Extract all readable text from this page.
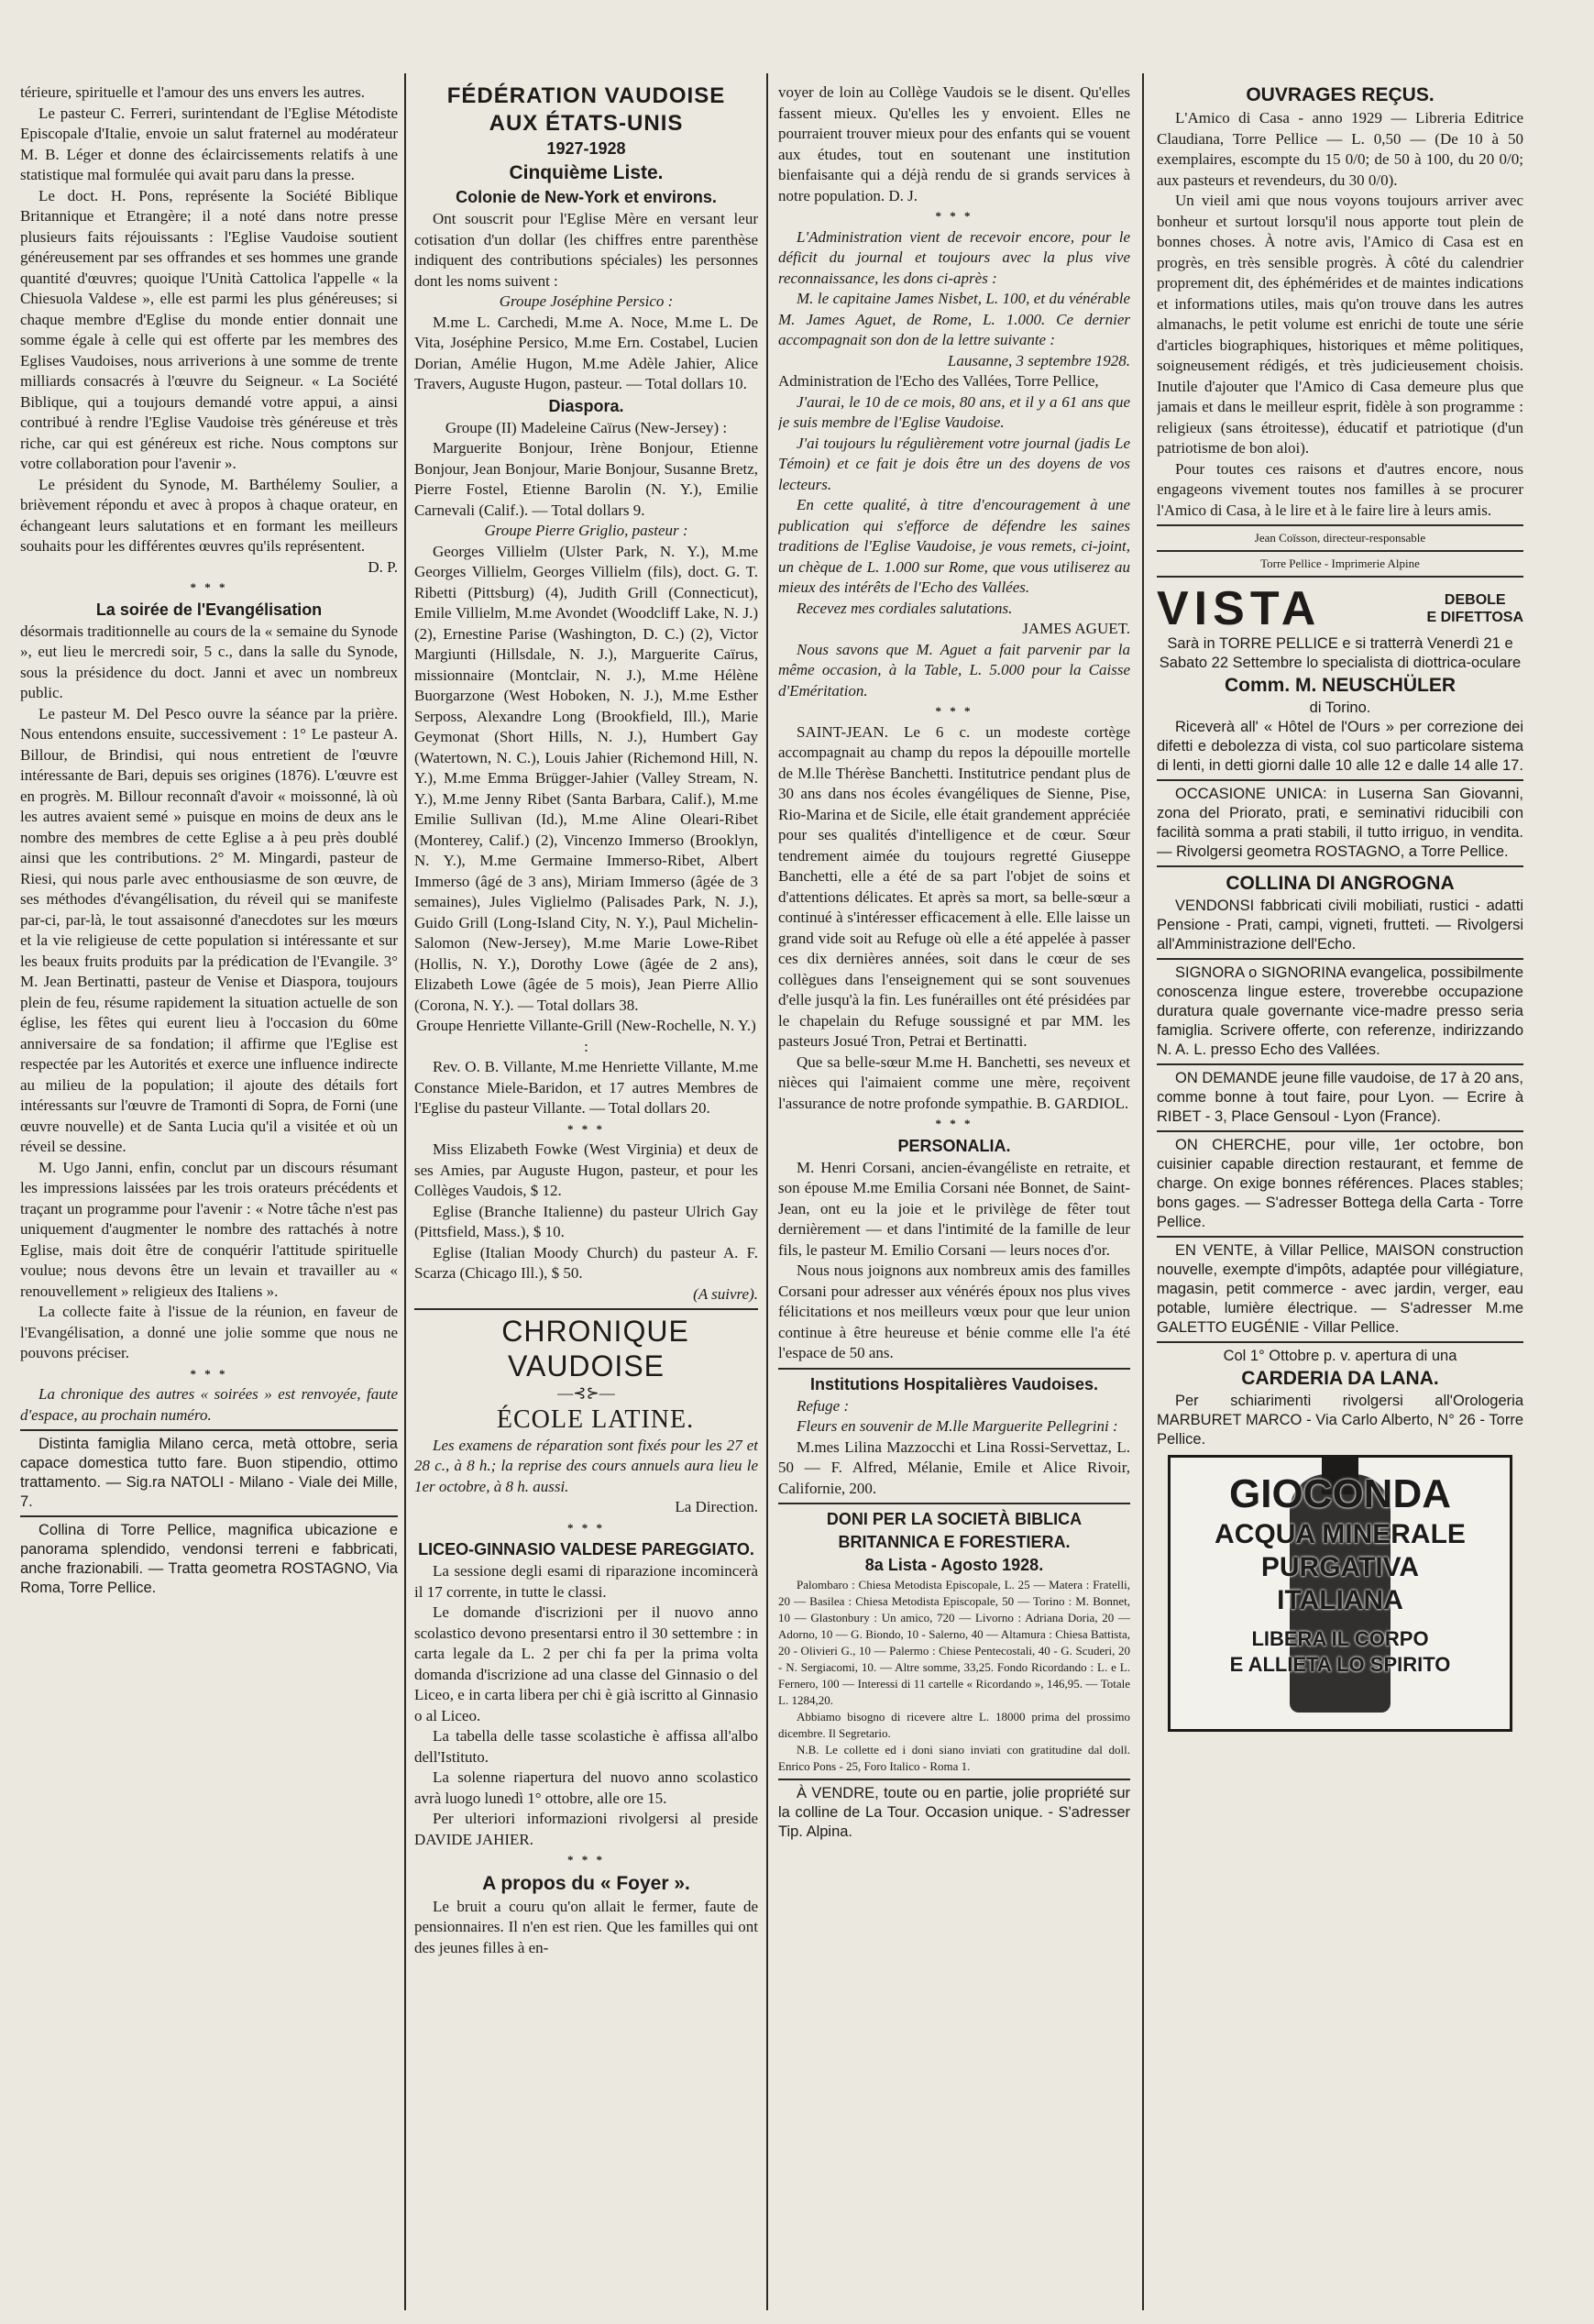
térieure, spirituelle et l'amour des uns envers les autres.

Le pasteur C. Ferreri, surintendant de l'Eglise Métodiste Episcopale d'Italie, envoie un salut fraternel au modérateur M. B. Léger et donne des éclaircissements relatifs à une statistique mal formulée qui avait paru dans la presse.

Le doct. H. Pons, représente la Société Biblique Britannique et Etrangère; il a noté dans notre presse plusieurs faits réjouissants : l'Eglise Vaudoise soutient généreusement par ses offrandes et ses hommes une grande quantité d'œuvres; quoique l'Unità Cattolica l'appelle « la Chiesuola Valdese », elle est parmi les plus généreuses; si chaque membre d'Eglise du monde entier donnait une somme égale à celle qui est offerte par les membres des Eglises Vaudoises, nous arriverions à une somme de trente milliards consacrés à l'œuvre du Seigneur. « La Société Biblique, qui a toujours demandé votre appui, a ainsi contribué à rendre l'Eglise Vaudoise très généreuse et très riche, car qui est généreux est riche. Nous comptons sur votre collaboration pour l'avenir ».

Le président du Synode, M. Barthélemy Soulier, a brièvement répondu et avec à propos à chaque orateur, en échangeant leurs salutations et en formant les meilleurs souhaits pour les différentes œuvres qu'ils représentent.

D. P.

* * *

La soirée de l'Evangélisation

désormais traditionnelle au cours de la « semaine du Synode », eut lieu le mercredi soir, 5 c., dans la salle du Synode, sous la présidence du doct. Janni et avec un nombreux public.

Le pasteur M. Del Pesco ouvre la séance par la prière. Nous entendons ensuite, successivement : 1° Le pasteur A. Billour, de Brindisi, qui nous entretient de l'œuvre intéressante de Bari, depuis ses origines (1876). L'œuvre est en progrès. M. Billour reconnaît d'avoir « moissonné, là où les autres avaient semé » puisque en moins de deux ans le nombre des membres de cette Eglise a à peu près doublé ainsi que les contributions. 2° M. Mingardi, pasteur de Riesi, qui nous parle avec enthousiasme de son œuvre, de ses méthodes d'évangélisation, du réveil qui se manifeste par-ci, par-là, le tout assaisonné d'anecdotes sur les mœurs et la vie religieuse de cette population si intéressante et sur les beaux fruits produits par la prédication de l'Evangile. 3° M. Jean Bertinatti, pasteur de Venise et Diaspora, toujours plein de feu, résume rapidement la situation actuelle de son église, les fêtes qui eurent lieu à l'occasion du 60me anniversaire de sa fondation; il affirme que l'Eglise est respectée par les Autorités et exerce une influence indirecte au milieu de la population; il ajoute des détails fort intéressants sur l'œuvre de Tramonti di Sopra, de Forni (une œuvre nouvelle) et de Santa Lucia qu'il a visitée et où un réveil se dessine.

M. Ugo Janni, enfin, conclut par un discours résumant les impressions laissées par les trois orateurs précédents et traçant un programme pour l'avenir : « Notre tâche n'est pas uniquement d'augmenter le nombre des rattachés à notre Eglise, mais doit être de conquérir l'attitude spirituelle voulue; nous devons être un levain et travailler au « renouvellement » religieux des Italiens ».

La collecte faite à l'issue de la réunion, en faveur de l'Evangélisation, a donné une jolie somme que nous ne pouvons préciser.

* * *

La chronique des autres « soirées » est renvoyée, faute d'espace, au prochain numéro.

Distinta famiglia Milano cerca, metà ottobre, seria capace domestica tutto fare. Buon stipendio, ottimo trattamento. — Sig.ra NATOLI - Milano - Viale dei Mille, 7.

Collina di Torre Pellice, magnifica ubicazione e panorama splendido, vendonsi terreni e fabbricati, anche frazionabili. — Tratta geometra ROSTAGNO, Via Roma, Torre Pellice.

FÉDÉRATION VAUDOISE

AUX ÉTATS-UNIS

1927-1928

Cinquième Liste.

Colonie de New-York et environs.

Ont souscrit pour l'Eglise Mère en versant leur cotisation d'un dollar (les chiffres entre parenthèse indiquent des contributions spéciales) les personnes dont les noms suivent :

Groupe Joséphine Persico :

M.me L. Carchedi, M.me A. Noce, M.me L. De Vita, Joséphine Persico, M.me Ern. Costabel, Lucien Dorian, Amélie Hugon, M.me Adèle Jahier, Alice Travers, Auguste Hugon, pasteur. — Total dollars 10.

Diaspora.

Groupe (II) Madeleine Caïrus (New-Jersey) :

Marguerite Bonjour, Irène Bonjour, Etienne Bonjour, Jean Bonjour, Marie Bonjour, Susanne Bretz, Pierre Fostel, Etienne Barolin (N. Y.), Emilie Carnevali (Calif.). — Total dollars 9.

Groupe Pierre Griglio, pasteur :

Georges Villielm (Ulster Park, N. Y.), M.me Georges Villielm, Georges Villielm (fils), doct. G. T. Ribetti (Pittsburg) (4), Judith Grill (Connecticut), Emile Villielm, M.me Avondet (Woodcliff Lake, N. J.) (2), Ernestine Parise (Washington, D. C.) (2), Victor Margiunti (Hillsdale, N. J.), Marguerite Caïrus, missionnaire (Montclair, N. J.), M.me Hélène Buorgarzone (West Hoboken, N. J.), M.me Esther Serposs, Alexandre Long (Brookfield, Ill.), Marie Geymonat (Short Hills, N. J.), Humbert Gay (Watertown, N. C.), Louis Jahier (Richemond Hill, N. Y.), M.me Emma Brügger-Jahier (Valley Stream, N. Y.), M.me Jenny Ribet (Santa Barbara, Calif.), M.me Emilie Sullivan (Id.), M.me Aline Oleari-Ribet (Monterey, Calif.) (2), Vincenzo Immerso (Brooklyn, N. Y.), M.me Germaine Immerso-Ribet, Albert Immerso (âgé de 3 ans), Miriam Immerso (âgée de 3 semaines), Jules Viglielmo (Palisades Park, N. J.), Guido Grill (Long-Island City, N. Y.), Paul Michelin-Salomon (New-Jersey), M.me Marie Lowe-Ribet (Hollis, N. Y.), Dorothy Lowe (âgée de 2 ans), Elizabeth Lowe (âgée de 5 mois), Jean Pierre Allio (Corona, N. Y.). — Total dollars 38.

Groupe Henriette Villante-Grill (New-Rochelle, N. Y.) :

Rev. O. B. Villante, M.me Henriette Villante, M.me Constance Miele-Baridon, et 17 autres Membres de l'Eglise du pasteur Villante. — Total dollars 20.

* * *

Miss Elizabeth Fowke (West Virginia) et deux de ses Amies, par Auguste Hugon, pasteur, et pour les Collèges Vaudois, $ 12.

Eglise (Branche Italienne) du pasteur Ulrich Gay (Pittsfield, Mass.), $ 10.

Eglise (Italian Moody Church) du pasteur A. F. Scarza (Chicago Ill.), $ 50.

(A suivre).

CHRONIQUE VAUDOISE

—⊰⊱—

ÉCOLE LATINE.

Les examens de réparation sont fixés pour les 27 et 28 c., à 8 h.; la reprise des cours annuels aura lieu le 1er octobre, à 8 h. aussi.

La Direction.

* * *

LICEO-GINNASIO VALDESE PAREGGIATO.

La sessione degli esami di riparazione incomincerà il 17 corrente, in tutte le classi.

Le domande d'iscrizioni per il nuovo anno scolastico devono presentarsi entro il 30 settembre : in carta legale da L. 2 per chi fa per la prima volta domanda d'iscrizione ad una classe del Ginnasio o del Liceo, e in carta libera per chi è già iscritto al Ginnasio o al Liceo.

La tabella delle tasse scolastiche è affissa all'albo dell'Istituto.

La solenne riapertura del nuovo anno scolastico avrà luogo lunedì 1° ottobre, alle ore 15.

Per ulteriori informazioni rivolgersi al preside DAVIDE JAHIER.

* * *

A propos du « Foyer ».

Le bruit a couru qu'on allait le fermer, faute de pensionnaires. Il n'en est rien. Que les familles qui ont des jeunes filles à en-

voyer de loin au Collège Vaudois se le disent. Qu'elles fassent mieux. Qu'elles les y envoient. Elles ne pourraient trouver mieux pour des enfants qui se vouent aux études, tout en soutenant une institution bienfaisante qui a déjà rendu de si grands services à notre population. D. J.

* * *

L'Administration vient de recevoir encore, pour le déficit du journal et toujours avec la plus vive reconnaissance, les dons ci-après :

M. le capitaine James Nisbet, L. 100, et du vénérable M. James Aguet, de Rome, L. 1.000. Ce dernier accompagnait son don de la lettre suivante :

Lausanne, 3 septembre 1928.

Administration de l'Echo des Vallées, Torre Pellice,

J'aurai, le 10 de ce mois, 80 ans, et il y a 61 ans que je suis membre de l'Eglise Vaudoise.

J'ai toujours lu régulièrement votre journal (jadis Le Témoin) et ce fait je dois être un des doyens de vos lecteurs.

En cette qualité, à titre d'encouragement à une publication qui s'efforce de défendre les saines traditions de l'Eglise Vaudoise, je vous remets, ci-joint, un chèque de L. 1.000 sur Rome, que vous utiliserez au mieux des intérêts de l'Echo des Vallées.

Recevez mes cordiales salutations.

JAMES AGUET.

Nous savons que M. Aguet a fait parvenir par la même occasion, à la Table, L. 5.000 pour la Caisse d'Eméritation.

* * *

SAINT-JEAN. Le 6 c. un modeste cortège accompagnait au champ du repos la dépouille mortelle de M.lle Thérèse Banchetti. Institutrice pendant plus de 30 ans dans nos écoles évangéliques de Sienne, Pise, Rio-Marina et de Sicile, elle était grandement appréciée pour ses qualités d'intelligence et de cœur. Sœur tendrement aimée du toujours regretté Giuseppe Banchetti, elle a été de sa part l'objet de soins et d'attentions délicates. Et après sa mort, sa belle-sœur a continué à s'intéresser efficacement à elle. Elle laisse un grand vide soit au Refuge où elle a été appelée à passer ces dix dernières années, soit dans le cœur de ses collègues dans l'enseignement qui se sont souvenues d'elle jusqu'à la fin. Les funérailles ont été présidées par le chapelain du Refuge soussigné et par MM. les pasteurs Josué Tron, Petrai et Bertinatti.

Que sa belle-sœur M.me H. Banchetti, ses neveux et nièces qui l'aimaient comme une mère, reçoivent l'assurance de notre profonde sympathie. B. GARDIOL.

* * *

PERSONALIA.

M. Henri Corsani, ancien-évangéliste en retraite, et son épouse M.me Emilia Corsani née Bonnet, de Saint-Jean, ont eu la joie et le privilège de fêter tout dernièrement — et dans l'intimité de la famille de leur fils, le pasteur M. Emilio Corsani — leurs noces d'or.

Nous nous joignons aux nombreux amis des familles Corsani pour adresser aux vénérés époux nos plus vives félicitations et nos meilleurs vœux pour que leur union continue à être heureuse et bénie comme elle l'a été l'espace de 50 ans.

Institutions Hospitalières Vaudoises.

Refuge :

Fleurs en souvenir de M.lle Marguerite Pellegrini :

M.mes Lilina Mazzocchi et Lina Rossi-Servettaz, L. 50 — F. Alfred, Mélanie, Emile et Alice Rivoir, Californie, 200.

DONI PER LA SOCIETÀ BIBLICA BRITANNICA E FORESTIERA.

8a Lista - Agosto 1928.

Palombaro : Chiesa Metodista Episcopale, L. 25 — Matera : Fratelli, 20 — Basilea : Chiesa Metodista Episcopale, 50 — Torino : M. Bonnet, 10 — Glastonbury : Un amico, 720 — Livorno : Adriana Doria, 20 — Adorno, 10 — G. Biondo, 10 - Salerno, 40 — Altamura : Chiesa Battista, 20 - Olivieri G., 10 — Palermo : Chiese Pentecostali, 40 - G. Scuderi, 20 - N. Sergiacomi, 10. — Altre somme, 33,25. Fondo Ricordando : L. e L. Fernero, 100 — Interessi di 11 cartelle « Ricordando », 146,95. — Totale L. 1284,20.

Abbiamo bisogno di ricevere altre L. 18000 prima del prossimo dicembre. Il Segretario.

N.B. Le collette ed i doni siano inviati con gratitudine dal doll. Enrico Pons - 25, Foro Italico - Roma 1.

À VENDRE, toute ou en partie, jolie propriété sur la colline de La Tour. Occasion unique. - S'adresser Tip. Alpina.

OUVRAGES REÇUS.

L'Amico di Casa - anno 1929 — Libreria Editrice Claudiana, Torre Pellice — L. 0,50 — (De 10 à 50 exemplaires, escompte du 15 0/0; de 50 à 100, du 20 0/0; aux pasteurs et revendeurs, du 30 0/0).

Un vieil ami que nous voyons toujours arriver avec bonheur et surtout lorsqu'il nous apporte tout plein de bonnes choses. À notre avis, l'Amico di Casa est en progrès, en très sensible progrès. À côté du calendrier proprement dit, des éphémérides et de maintes indications et informations utiles, mais qu'on trouve dans les autres almanachs, le petit volume est enrichi de toute une série d'articles biographiques, historiques et même politiques, soigneusement rédigés, et très judicieusement choisis. Inutile d'ajouter que l'Amico di Casa demeure plus que jamais et dans le meilleur esprit, fidèle à son programme : religieux (sans étroitesse), éducatif et patriotique (d'un patriotisme de bon aloi).

Pour toutes ces raisons et d'autres encore, nous engageons vivement toutes nos familles à se procurer l'Amico di Casa, à le lire et à le faire lire à leurs amis.

Jean Coïsson, directeur-responsable

Torre Pellice - Imprimerie Alpine

VISTA	DEBOLE
E DIFETTOSA

Sarà in TORRE PELLICE e si tratterrà Venerdì 21 e Sabato 22 Settembre lo specialista di diottrica-oculare

Comm. M. NEUSCHÜLER

di Torino.

Riceverà all' « Hôtel de l'Ours » per correzione dei difetti e debolezza di vista, col suo particolare sistema di lenti, in detti giorni dalle 10 alle 12 e dalle 14 alle 17.

OCCASIONE UNICA: in Luserna San Giovanni, zona del Priorato, prati, e seminativi riducibili con facilità somma a prati stabili, il tutto irriguo, in vendita. — Rivolgersi geometra ROSTAGNO, a Torre Pellice.

COLLINA DI ANGROGNA

VENDONSI fabbricati civili mobiliati, rustici - adatti Pensione - Prati, campi, vigneti, frutteti. — Rivolgersi all'Amministrazione dell'Echo.

SIGNORA o SIGNORINA evangelica, possibilmente conoscenza lingue estere, troverebbe occupazione duratura quale governante vice-madre presso seria famiglia. Scrivere offerte, con referenze, indirizzando N. A. L. presso Echo des Vallées.

ON DEMANDE jeune fille vaudoise, de 17 à 20 ans, comme bonne à tout faire, pour Lyon. — Ecrire à RIBET - 3, Place Gensoul - Lyon (France).

ON CHERCHE, pour ville, 1er octobre, bon cuisinier capable direction restaurant, et femme de charge. On exige bonnes références. Places stables; bons gages. — S'adresser Bottega della Carta - Torre Pellice.

EN VENTE, à Villar Pellice, MAISON construction nouvelle, exempte d'impôts, adaptée pour villégiature, magasin, petit commerce - avec jardin, verger, eau potable, lumière électrique. — S'adresser M.me GALETTO EUGÉNIE - Villar Pellice.

Col 1° Ottobre p. v. apertura di una

CARDERIA DA LANA.

Per schiarimenti rivolgersi all'Orologeria MARBURET MARCO - Via Carlo Alberto, N° 26 - Torre Pellice.

GIOCONDA
ACQUA MINERALE
PURGATIVA
ITALIANA
LIBERA IL CORPO
E ALLIETA LO SPIRITO
